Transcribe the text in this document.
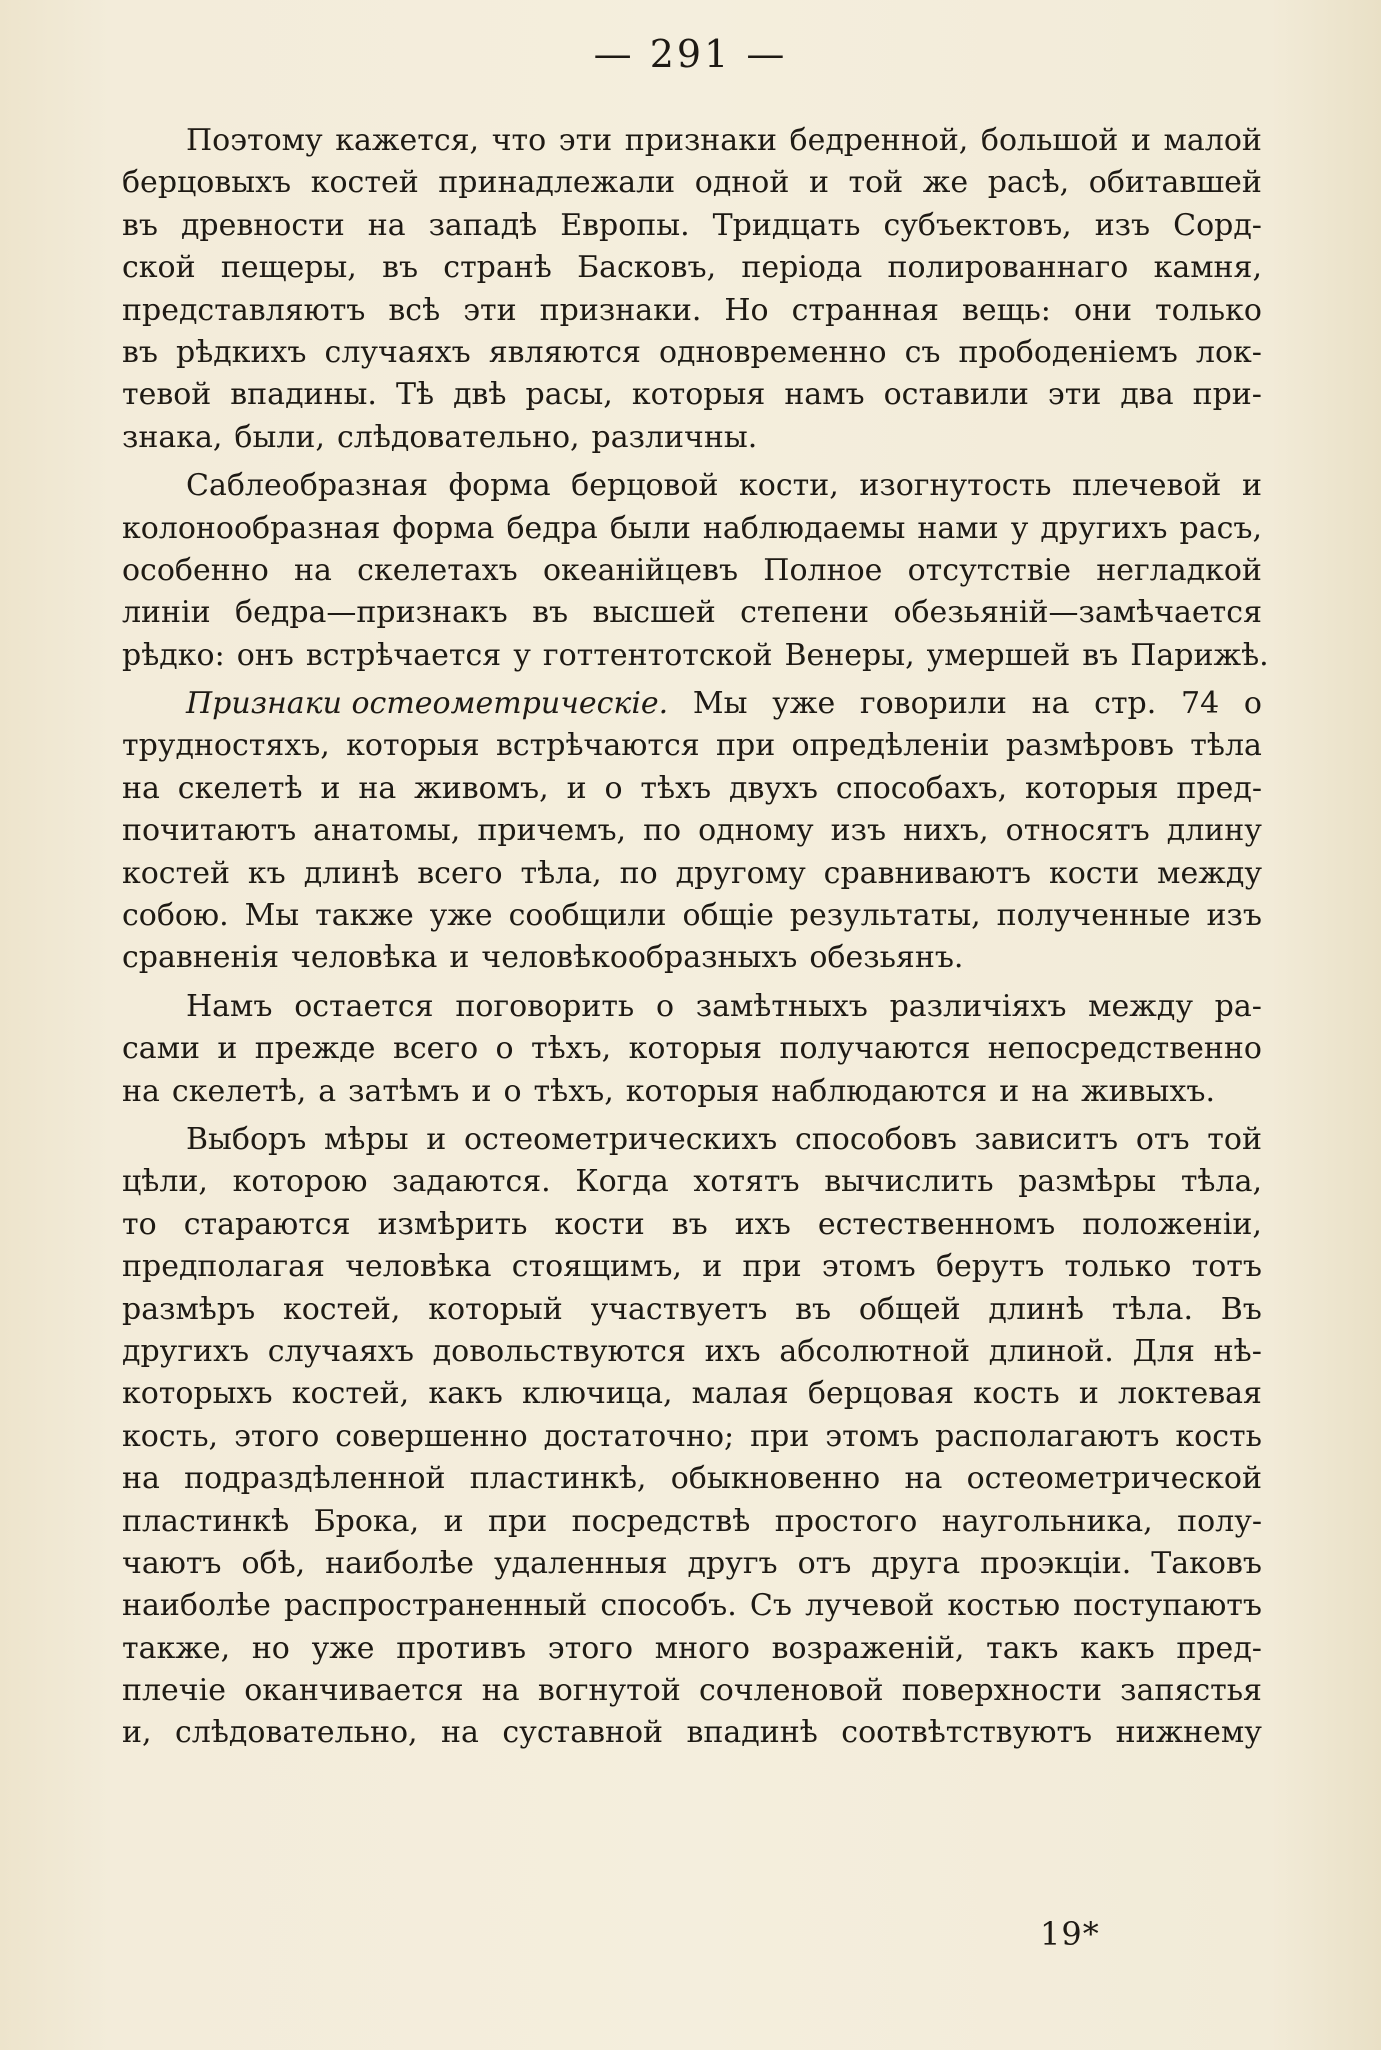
— 291 —
Поэтому кажется, что эти признаки бедренной, большой и малой
берцовыхъ костей принадлежали одной и той же расѣ, обитавшей
въ древности на западѣ Европы. Тридцать субъектовъ, изъ Сорд-
ской пещеры, въ странѣ Басковъ, періода полированнаго камня,
представляютъ всѣ эти признаки. Но странная вещь: они только
въ рѣдкихъ случаяхъ являются одновременно съ прободеніемъ лок-
тевой впадины. Тѣ двѣ расы, которыя намъ оставили эти два при-
знака, были, слѣдовательно, различны.
Саблеобразная форма берцовой кости, изогнутость плечевой и
колонообразная форма бедра были наблюдаемы нами у другихъ расъ,
особенно на скелетахъ океанійцевъ Полное отсутствіе негладкой
линіи бедра—признакъ въ высшей степени обезьяній—замѣчается
рѣдко: онъ встрѣчается у готтентотской Венеры, умершей въ Парижѣ.
Признаки остеометрическіе. Мы уже говорили на стр. 74 о
трудностяхъ, которыя встрѣчаются при опредѣленіи размѣровъ тѣла
на скелетѣ и на живомъ, и о тѣхъ двухъ способахъ, которыя пред-
почитаютъ анатомы, причемъ, по одному изъ нихъ, относятъ длину
костей къ длинѣ всего тѣла, по другому сравниваютъ кости между
собою. Мы также уже сообщили общіе результаты, полученные изъ
сравненія человѣка и человѣкообразныхъ обезьянъ.
Намъ остается поговорить о замѣтныхъ различіяхъ между ра-
сами и прежде всего о тѣхъ, которыя получаются непосредственно
на скелетѣ, а затѣмъ и о тѣхъ, которыя наблюдаются и на живыхъ.
Выборъ мѣры и остеометрическихъ способовъ зависитъ отъ той
цѣли, которою задаются. Когда хотятъ вычислить размѣры тѣла,
то стараются измѣрить кости въ ихъ естественномъ положеніи,
предполагая человѣка стоящимъ, и при этомъ берутъ только тотъ
размѣръ костей, который участвуетъ въ общей длинѣ тѣла. Въ
другихъ случаяхъ довольствуются ихъ абсолютной длиной. Для нѣ-
которыхъ костей, какъ ключица, малая берцовая кость и локтевая
кость, этого совершенно достаточно; при этомъ располагаютъ кость
на подраздѣленной пластинкѣ, обыкновенно на остеометрической
пластинкѣ Брока, и при посредствѣ простого наугольника, полу-
чаютъ обѣ, наиболѣе удаленныя другъ отъ друга проэкціи. Таковъ
наиболѣе распространенный способъ. Съ лучевой костью поступаютъ
также, но уже противъ этого много возраженій, такъ какъ пред-
плечіе оканчивается на вогнутой сочленовой поверхности запястья
и, слѣдовательно, на суставной впадинѣ соотвѣтствуютъ нижнему
19*
